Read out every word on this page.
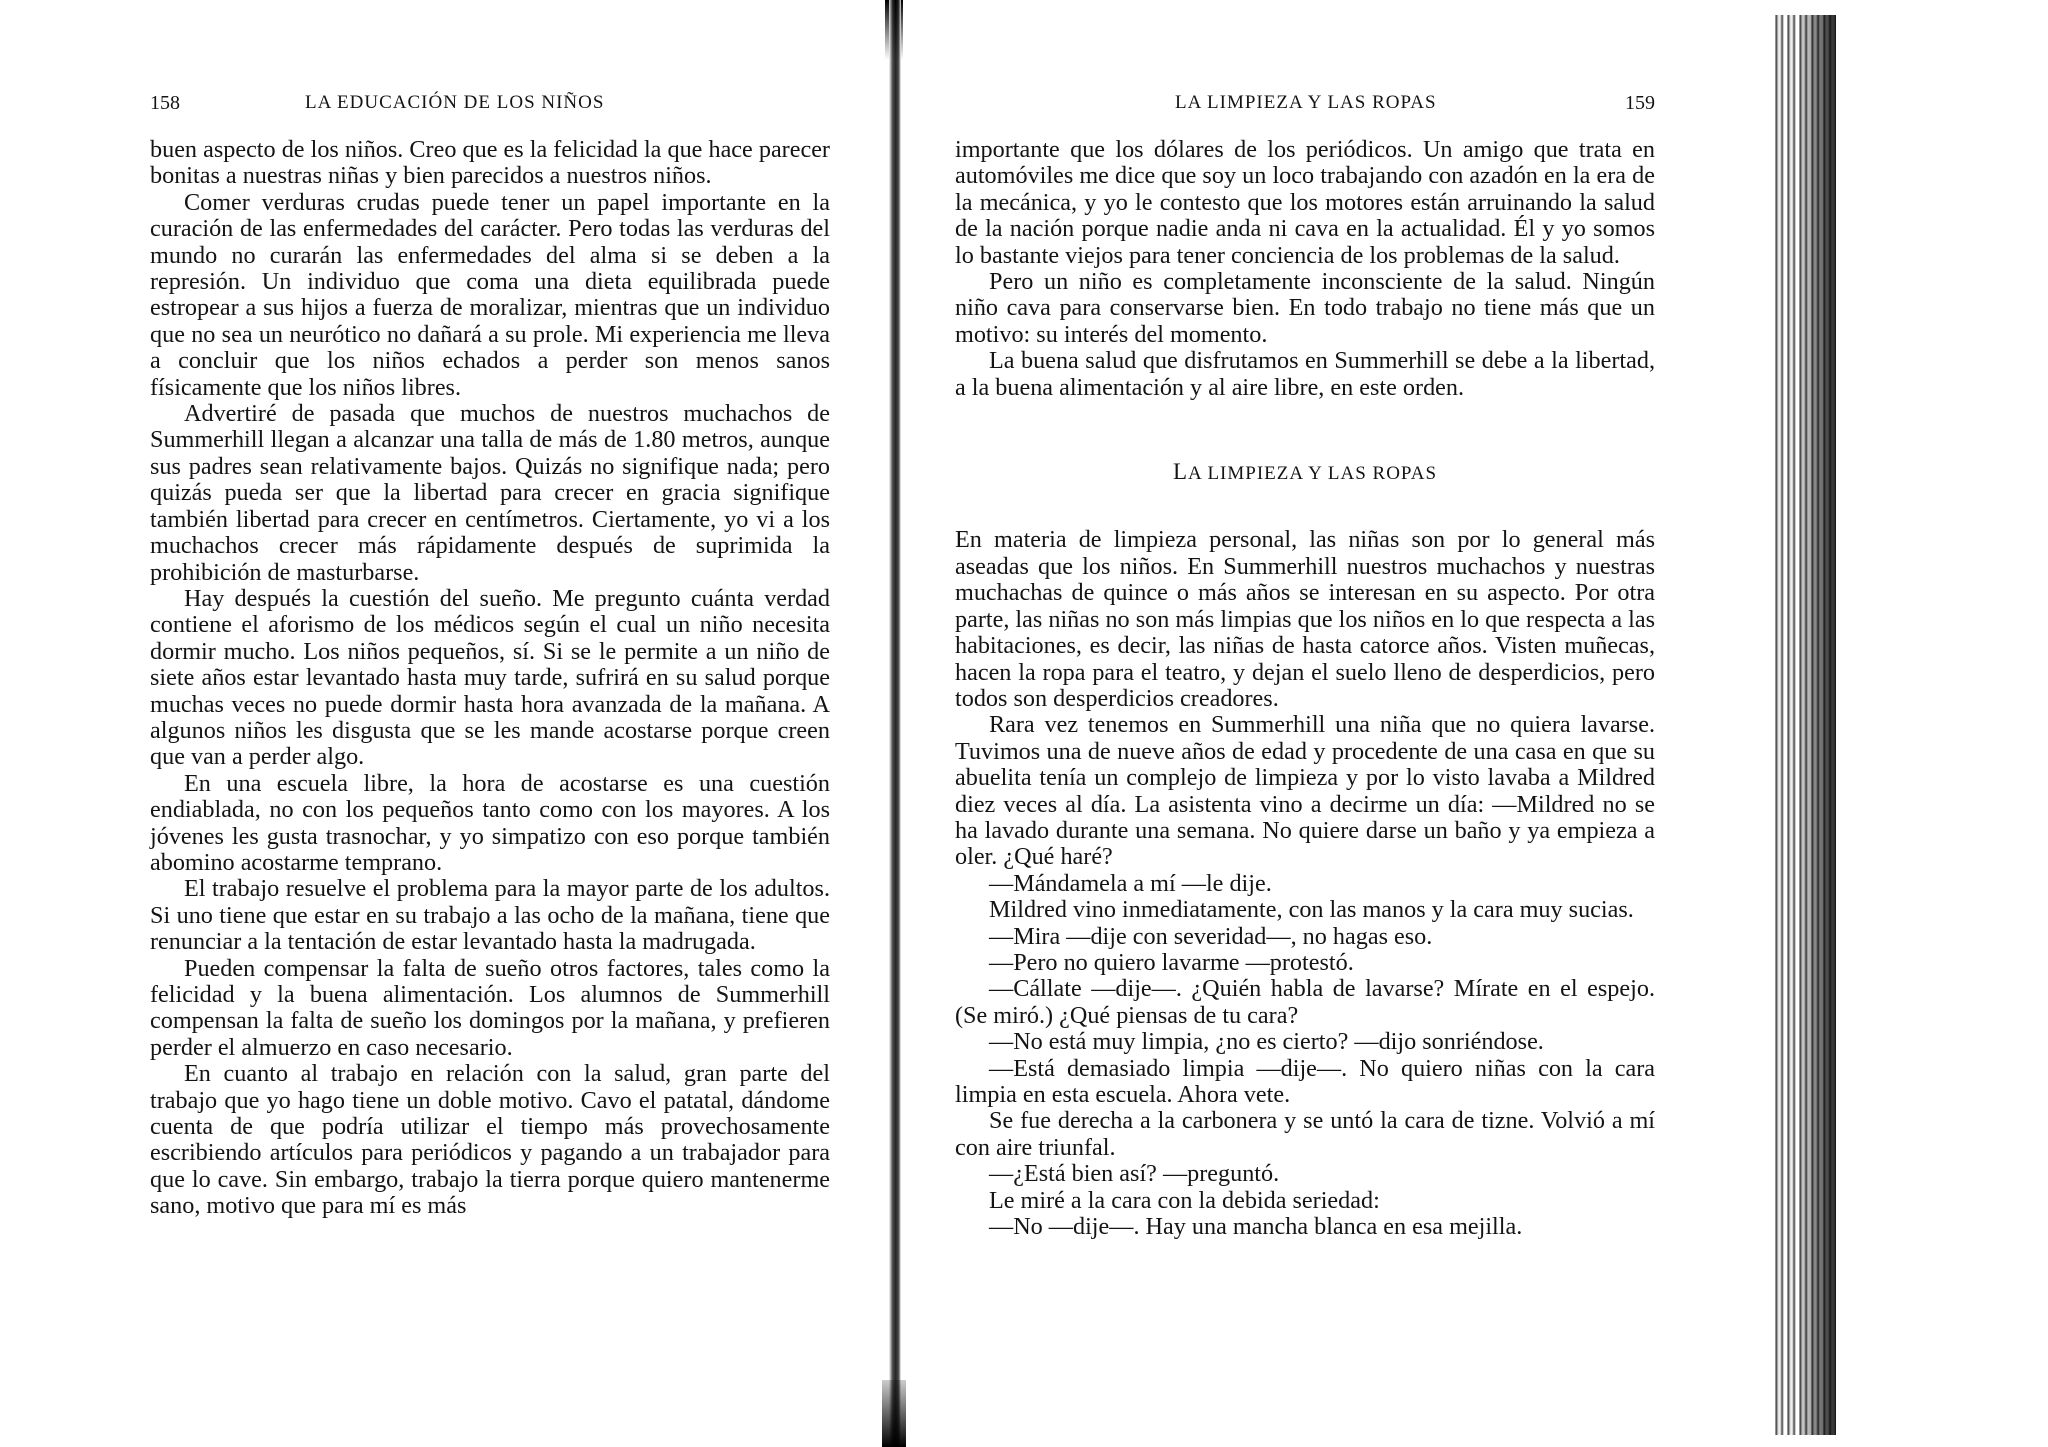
158	LA EDUCACIÓN DE LOS NIÑOS

buen aspecto de los niños. Creo que es la felicidad la que hace parecer bonitas a nuestras niñas y bien parecidos a nuestros niños.

Comer verduras crudas puede tener un papel importante en la curación de las enfermedades del carácter. Pero todas las verduras del mundo no curarán las enfermedades del alma si se deben a la represión. Un individuo que coma una dieta equilibrada puede estropear a sus hijos a fuerza de moralizar, mientras que un individuo que no sea un neurótico no dañará a su prole. Mi experiencia me lleva a concluir que los niños echados a perder son menos sanos físicamente que los niños libres.

Advertiré de pasada que muchos de nuestros muchachos de Summerhill llegan a alcanzar una talla de más de 1.80 metros, aunque sus padres sean relativamente bajos. Quizás no signifique nada; pero quizás pueda ser que la libertad para crecer en gracia signifique también libertad para crecer en centímetros. Ciertamente, yo vi a los muchachos crecer más rápidamente después de suprimida la prohibición de masturbarse.

Hay después la cuestión del sueño. Me pregunto cuánta verdad contiene el aforismo de los médicos según el cual un niño necesita dormir mucho. Los niños pequeños, sí. Si se le permite a un niño de siete años estar levantado hasta muy tarde, sufrirá en su salud porque muchas veces no puede dormir hasta hora avanzada de la mañana. A algunos niños les disgusta que se les mande acostarse porque creen que van a perder algo.

En una escuela libre, la hora de acostarse es una cuestión endiablada, no con los pequeños tanto como con los mayores. A los jóvenes les gusta trasnochar, y yo simpatizo con eso porque también abomino acostarme temprano.

El trabajo resuelve el problema para la mayor parte de los adultos. Si uno tiene que estar en su trabajo a las ocho de la mañana, tiene que renunciar a la tentación de estar levantado hasta la madrugada.

Pueden compensar la falta de sueño otros factores, tales como la felicidad y la buena alimentación. Los alumnos de Summerhill compensan la falta de sueño los domingos por la mañana, y prefieren perder el almuerzo en caso necesario.

En cuanto al trabajo en relación con la salud, gran parte del trabajo que yo hago tiene un doble motivo. Cavo el patatal, dándome cuenta de que podría utilizar el tiempo más provechosamente escribiendo artículos para periódicos y pagando a un trabajador para que lo cave. Sin embargo, trabajo la tierra porque quiero mantenerme sano, motivo que para mí es más

LA LIMPIEZA Y LAS ROPAS	159

importante que los dólares de los periódicos. Un amigo que trata en automóviles me dice que soy un loco trabajando con azadón en la era de la mecánica, y yo le contesto que los motores están arruinando la salud de la nación porque nadie anda ni cava en la actualidad. Él y yo somos lo bastante viejos para tener conciencia de los problemas de la salud.

Pero un niño es completamente inconsciente de la salud. Ningún niño cava para conservarse bien. En todo trabajo no tiene más que un motivo: su interés del momento.

La buena salud que disfrutamos en Summerhill se debe a la libertad, a la buena alimentación y al aire libre, en este orden.

LA LIMPIEZA Y LAS ROPAS

En materia de limpieza personal, las niñas son por lo general más aseadas que los niños. En Summerhill nuestros muchachos y nuestras muchachas de quince o más años se interesan en su aspecto. Por otra parte, las niñas no son más limpias que los niños en lo que respecta a las habitaciones, es decir, las niñas de hasta catorce años. Visten muñecas, hacen la ropa para el teatro, y dejan el suelo lleno de desperdicios, pero todos son desperdicios creadores.

Rara vez tenemos en Summerhill una niña que no quiera lavarse. Tuvimos una de nueve años de edad y procedente de una casa en que su abuelita tenía un complejo de limpieza y por lo visto lavaba a Mildred diez veces al día. La asistenta vino a decirme un día: —Mildred no se ha lavado durante una semana. No quiere darse un baño y ya empieza a oler. ¿Qué haré?

—Mándamela a mí —le dije.

Mildred vino inmediatamente, con las manos y la cara muy sucias.

—Mira —dije con severidad—, no hagas eso.

—Pero no quiero lavarme —protestó.

—Cállate —dije—. ¿Quién habla de lavarse? Mírate en el espejo. (Se miró.) ¿Qué piensas de tu cara?

—No está muy limpia, ¿no es cierto? —dijo sonriéndose.

—Está demasiado limpia —dije—. No quiero niñas con la cara limpia en esta escuela. Ahora vete.

Se fue derecha a la carbonera y se untó la cara de tizne. Volvió a mí con aire triunfal.

—¿Está bien así? —preguntó.

Le miré a la cara con la debida seriedad:

—No —dije—. Hay una mancha blanca en esa mejilla.
